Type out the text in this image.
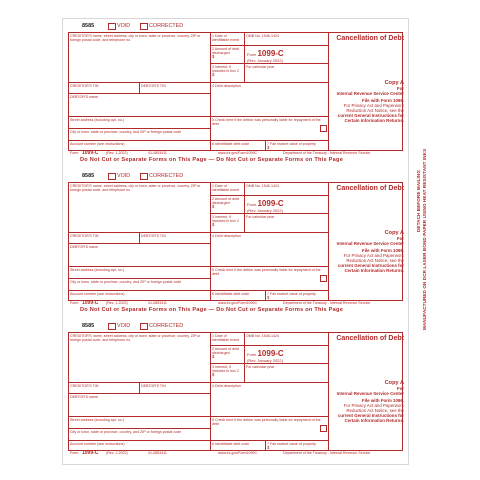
8585	VOID	CORRECTED
CREDITOR'S name, street address, city or town, state or province, country, ZIP or foreign postal code, and telephone no.
1 Date of identifiable event
OMB No. 1545-1424
2 Amount of debt discharged
$	Form 1099-C
(Rev. January 2022)
3 Interest, if included in box 2
$
For calendar year
Cancellation of Debt
CREDITOR'S TIN	DEBTOR'S TIN	4 Debt description
DEBTOR'S name
Street address (including apt. no.)	5 Check here if the debtor was personally liable for repayment of the debt
City or town, state or province, country, and ZIP or foreign postal code
Account number (see instructions)	6 Identifiable debt code	7 Fair market value of property
$
Copy A
For
Internal Revenue Service Center
File with Form 1096.
For Privacy Act and Paperwork Reduction Act Notice, see the
current General Instructions for Certain Information Returns.
Form 1099-C (Rev. 1-2022)	41-0853411	www.irs.gov/Form1099C	Department of the Treasury - Internal Revenue Service
Do Not Cut or Separate Forms on This Page — Do Not Cut or Separate Forms on This Page
8585	VOID	CORRECTED
CREDITOR'S name, street address, city or town, state or province, country, ZIP or foreign postal code, and telephone no.
1 Date of identifiable event
OMB No. 1545-1424
2 Amount of debt discharged
$	Form 1099-C
(Rev. January 2022)
3 Interest, if included in box 2
$
For calendar year
Cancellation of Debt
CREDITOR'S TIN	DEBTOR'S TIN	4 Debt description
DEBTOR'S name
Street address (including apt. no.)	5 Check here if the debtor was personally liable for repayment of the debt
City or town, state or province, country, and ZIP or foreign postal code
Account number (see instructions)	6 Identifiable debt code	7 Fair market value of property
$
Copy A
For
Internal Revenue Service Center
File with Form 1096.
For Privacy Act and Paperwork Reduction Act Notice, see the
current General Instructions for Certain Information Returns.
Form 1099-C (Rev. 1-2022)	41-0853411	www.irs.gov/Form1099C	Department of the Treasury - Internal Revenue Service
Do Not Cut or Separate Forms on This Page — Do Not Cut or Separate Forms on This Page
8585	VOID	CORRECTED
CREDITOR'S name, street address, city or town, state or province, country, ZIP or foreign postal code, and telephone no.
1 Date of identifiable event
OMB No. 1545-1424
2 Amount of debt discharged
$	Form 1099-C
(Rev. January 2022)
3 Interest, if included in box 2
$
For calendar year
Cancellation of Debt
CREDITOR'S TIN	DEBTOR'S TIN	4 Debt description
DEBTOR'S name
Street address (including apt. no.)	5 Check here if the debtor was personally liable for repayment of the debt
City or town, state or province, country, and ZIP or foreign postal code
Account number (see instructions)	6 Identifiable debt code	7 Fair market value of property
$
Copy A
For
Internal Revenue Service Center
File with Form 1096.
For Privacy Act and Paperwork Reduction Act Notice, see the
current General Instructions for Certain Information Returns.
Form 1099-C (Rev. 1-2022)	41-0853411	www.irs.gov/Form1099C	Department of the Treasury - Internal Revenue Service
DETACH BEFORE MAILING MANUFACTURED ON DCR LASER BOND PAPER USING HEAT RESISTANT INKS
